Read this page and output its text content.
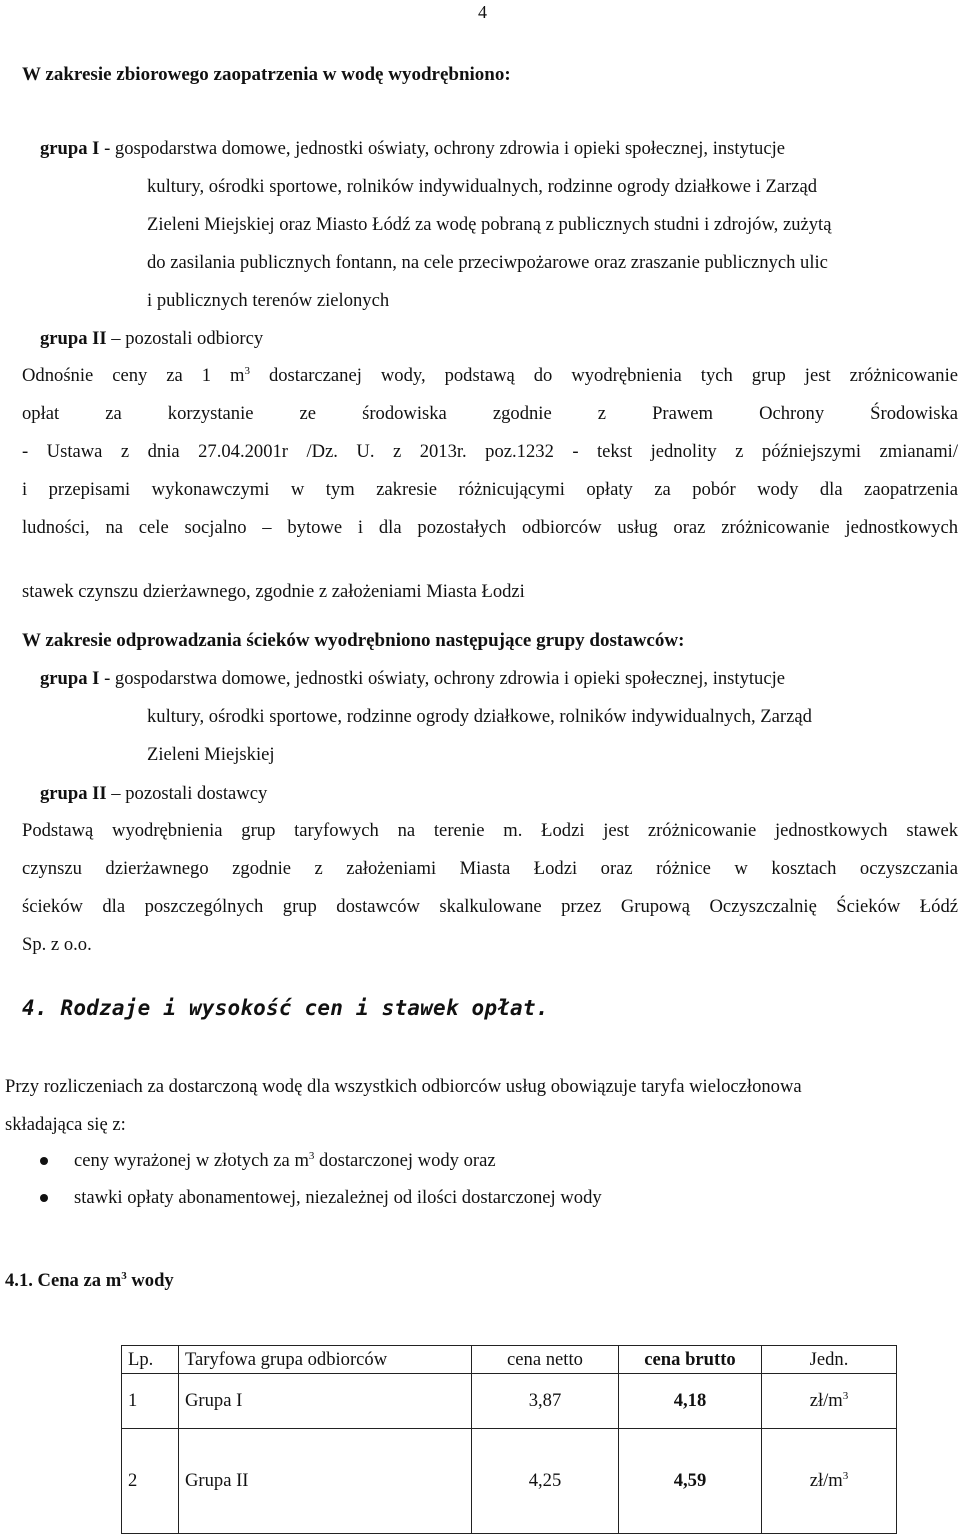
4
W zakresie zbiorowego zaopatrzenia w wodę wyodrębniono:
grupa I - gospodarstwa domowe, jednostki oświaty, ochrony zdrowia i opieki społecznej, instytucje
kultury, ośrodki sportowe, rolników indywidualnych, rodzinne ogrody działkowe i Zarząd
Zieleni Miejskiej oraz Miasto Łódź za wodę pobraną z publicznych studni i zdrojów, zużytą
do zasilania publicznych fontann, na cele przeciwpożarowe oraz zraszanie publicznych ulic
i publicznych terenów zielonych
grupa II – pozostali odbiorcy
Odnośnie ceny za 1 $m^3$ dostarczanej wody, podstawą do wyodrębnienia tych grup jest zróżnicowanie
opłat za korzystanie ze środowiska zgodnie z Prawem Ochrony Środowiska
- Ustawa z dnia 27.04.2001r /Dz. U. z 2013r. poz.1232 - tekst jednolity z późniejszymi zmianami/
i przepisami wykonawczymi w tym zakresie różnicującymi opłaty za pobór wody dla zaopatrzenia
ludności, na cele socjalno – bytowe i dla pozostałych odbiorców usług oraz zróżnicowanie jednostkowych
stawek czynszu dzierżawnego, zgodnie z założeniami Miasta Łodzi
W zakresie odprowadzania ścieków wyodrębniono następujące grupy dostawców:
grupa I - gospodarstwa domowe, jednostki oświaty, ochrony zdrowia i opieki społecznej, instytucje
kultury, ośrodki sportowe, rodzinne ogrody działkowe, rolników indywidualnych, Zarząd
Zieleni Miejskiej
grupa II – pozostali dostawcy
Podstawą wyodrębnienia grup taryfowych na terenie m. Łodzi jest zróżnicowanie jednostkowych stawek
czynszu dzierżawnego zgodnie z założeniami Miasta Łodzi oraz różnice w kosztach oczyszczania
ścieków dla poszczególnych grup dostawców skalkulowane przez Grupową Oczyszczalnię Ścieków Łódź
Sp. z o.o.
4. Rodzaje i wysokość cen i stawek opłat.
Przy rozliczeniach za dostarczoną wodę dla wszystkich odbiorców usług obowiązuje taryfa wieloczłonowa
składająca się z:
ceny wyrażonej w złotych za $m^3$ dostarczonej wody oraz
stawki opłaty abonamentowej, niezależnej od ilości dostarczonej wody
4.1. Cena za $m^3$ wody
Lp.	Taryfowa grupa odbiorców	cena netto	cena brutto	Jedn.
1	Grupa I	3,87	4,18	$zł/m^3$
2	Grupa II	4,25	4,59	$zł/m^3$
